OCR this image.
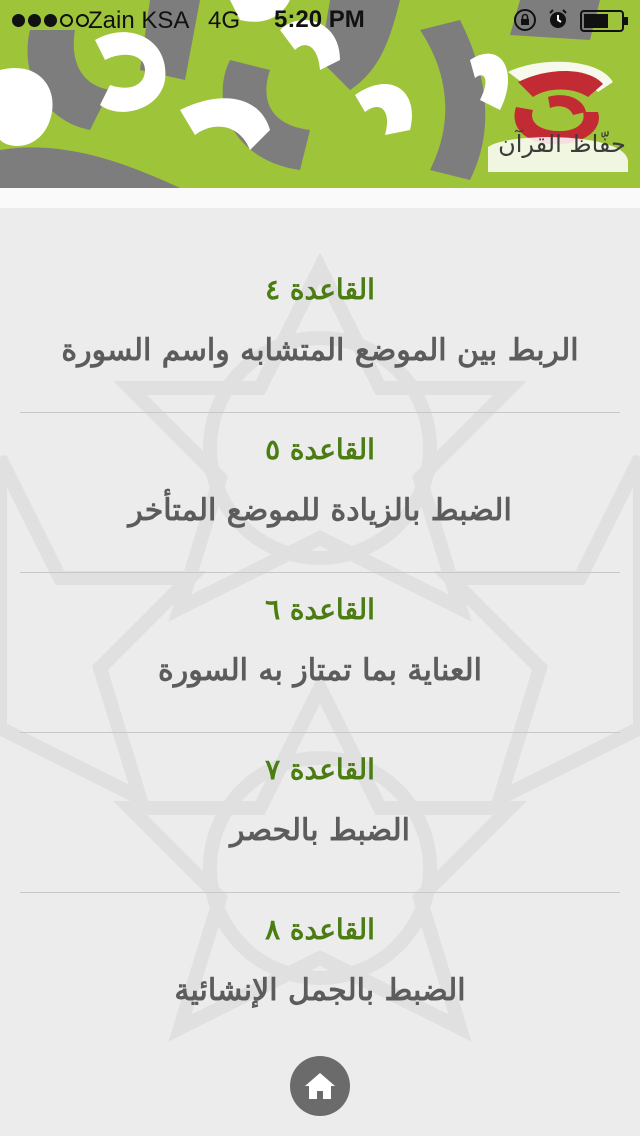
Zain KSA 4G 5:20 PM
حفّاظ القرآن
القاعدة ٤
الربط بين الموضع المتشابه واسم السورة
القاعدة ٥
الضبط بالزيادة للموضع المتأخر
القاعدة ٦
العناية بما تمتاز به السورة
القاعدة ٧
الضبط بالحصر
القاعدة ٨
الضبط بالجمل الإنشائية
